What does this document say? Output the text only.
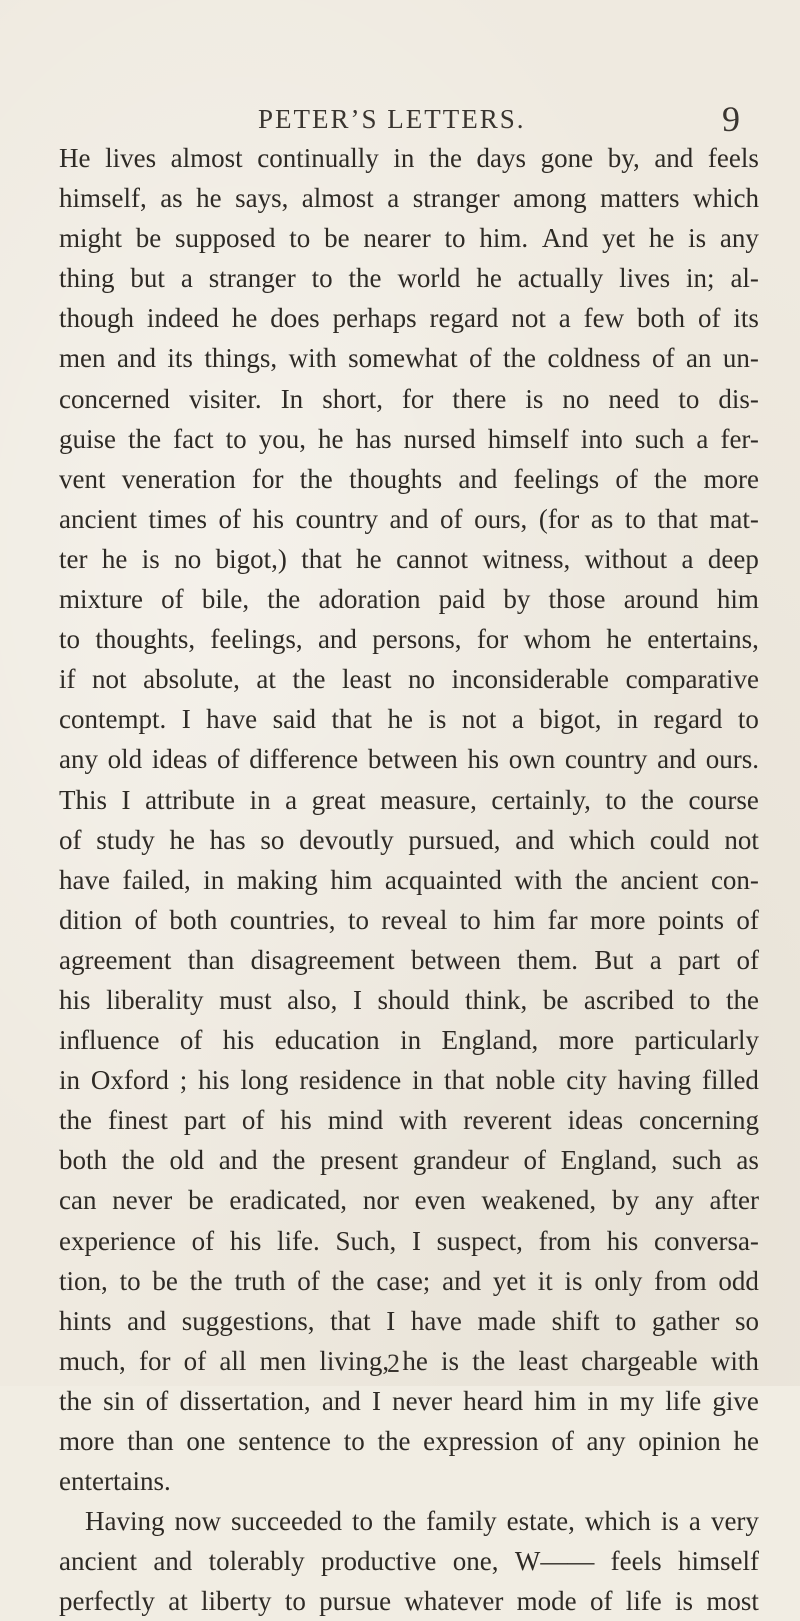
PETER’S LETTERS.	9
He lives almost continually in the days gone by, and feels
himself, as he says, almost a stranger among matters which
might be supposed to be nearer to him. And yet he is any
thing but a stranger to the world he actually lives in; al-
though indeed he does perhaps regard not a few both of its
men and its things, with somewhat of the coldness of an un-
concerned visiter. In short, for there is no need to dis-
guise the fact to you, he has nursed himself into such a fer-
vent veneration for the thoughts and feelings of the more
ancient times of his country and of ours, (for as to that mat-
ter he is no bigot,) that he cannot witness, without a deep
mixture of bile, the adoration paid by those around him
to thoughts, feelings, and persons, for whom he entertains,
if not absolute, at the least no inconsiderable comparative
contempt. I have said that he is not a bigot, in regard to
any old ideas of difference between his own country and ours.
This I attribute in a great measure, certainly, to the course
of study he has so devoutly pursued, and which could not
have failed, in making him acquainted with the ancient con-
dition of both countries, to reveal to him far more points of
agreement than disagreement between them. But a part of
his liberality must also, I should think, be ascribed to the
influence of his education in England, more particularly
in Oxford ; his long residence in that noble city having filled
the finest part of his mind with reverent ideas concerning
both the old and the present grandeur of England, such as
can never be eradicated, nor even weakened, by any after
experience of his life. Such, I suspect, from his conversa-
tion, to be the truth of the case; and yet it is only from odd
hints and suggestions, that I have made shift to gather so
much, for of all men living, he is the least chargeable with
the sin of dissertation, and I never heard him in my life give
more than one sentence to the expression of any opinion he
entertains.
Having now succeeded to the family estate, which is a very
ancient and tolerably productive one, W—— feels himself
perfectly at liberty to pursue whatever mode of life is most
2
